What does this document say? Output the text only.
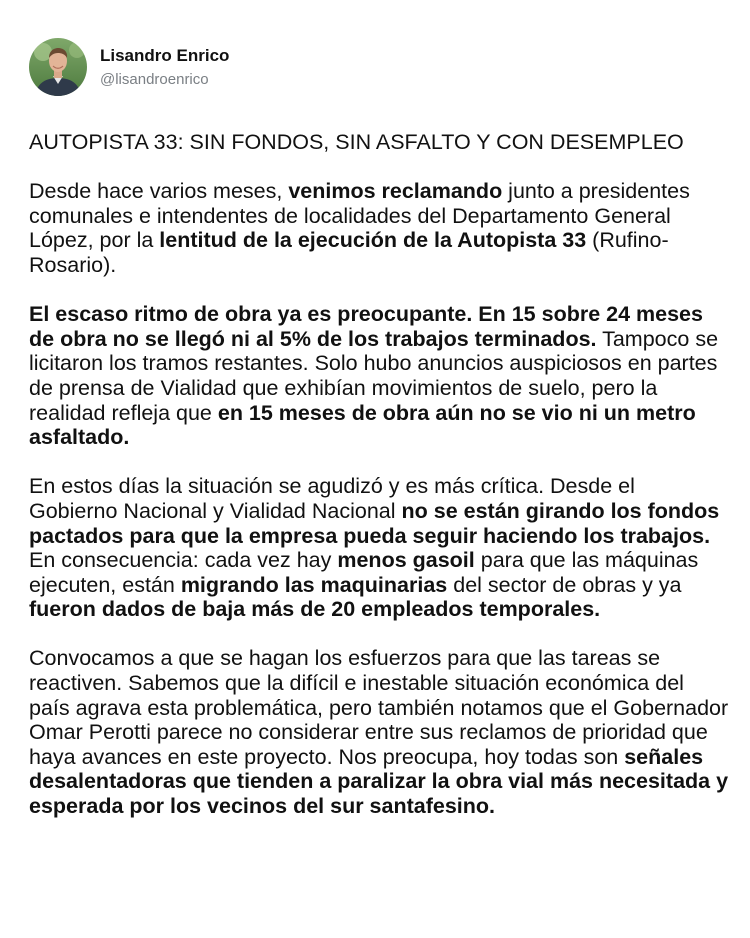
Lisandro Enrico
@lisandroenrico

AUTOPISTA 33: SIN FONDOS, SIN ASFALTO Y CON DESEMPLEO

Desde hace varios meses, venimos reclamando junto a presidentes comunales e intendentes de localidades del Departamento General López, por la lentitud de la ejecución de la Autopista 33 (Rufino-Rosario).

El escaso ritmo de obra ya es preocupante. En 15 sobre 24 meses de obra no se llegó ni al 5% de los trabajos terminados. Tampoco se licitaron los tramos restantes. Solo hubo anuncios auspiciosos en partes de prensa de Vialidad que exhibían movimientos de suelo, pero la realidad refleja que en 15 meses de obra aún no se vio ni un metro asfaltado.

En estos días la situación se agudizó y es más crítica. Desde el Gobierno Nacional y Vialidad Nacional no se están girando los fondos pactados para que la empresa pueda seguir haciendo los trabajos. En consecuencia: cada vez hay menos gasoil para que las máquinas ejecuten, están migrando las maquinarias del sector de obras y ya fueron dados de baja más de 20 empleados temporales.

Convocamos a que se hagan los esfuerzos para que las tareas se reactiven. Sabemos que la difícil e inestable situación económica del país agrava esta problemática, pero también notamos que el Gobernador Omar Perotti parece no considerar entre sus reclamos de prioridad que haya avances en este proyecto. Nos preocupa, hoy todas son señales desalentadoras que tienden a paralizar la obra vial más necesitada y esperada por los vecinos del sur santafesino.
